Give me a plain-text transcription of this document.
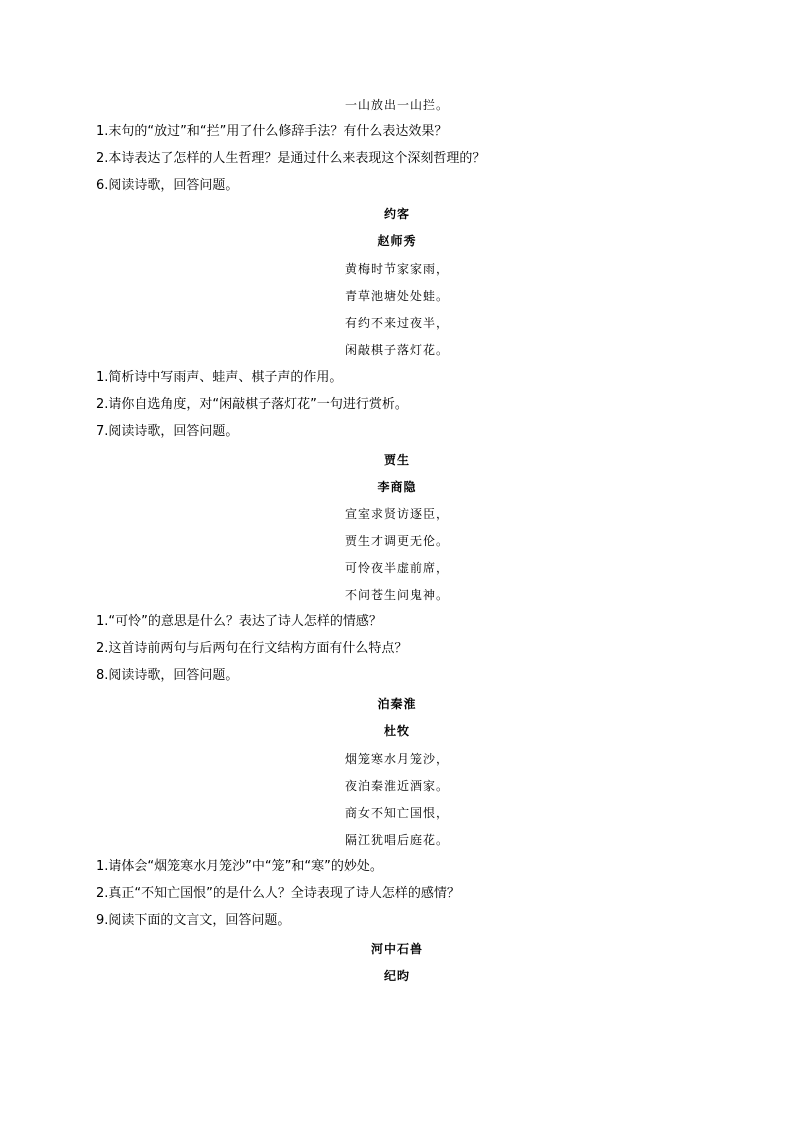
一山放出一山拦。
1.末句的“放过”和“拦”用了什么修辞手法？有什么表达效果？
2.本诗表达了怎样的人生哲理？是通过什么来表现这个深刻哲理的？
6.阅读诗歌，回答问题。
约客
赵师秀
黄梅时节家家雨，
青草池塘处处蛙。
有约不来过夜半，
闲敲棋子落灯花。
1.简析诗中写雨声、蛙声、棋子声的作用。
2.请你自选角度，对“闲敲棋子落灯花”一句进行赏析。
7.阅读诗歌，回答问题。
贾生
李商隐
宣室求贤访逐臣，
贾生才调更无伦。
可怜夜半虚前席，
不问苍生问鬼神。
1.“可怜”的意思是什么？表达了诗人怎样的情感？
2.这首诗前两句与后两句在行文结构方面有什么特点？
8.阅读诗歌，回答问题。
泊秦淮
杜牧
烟笼寒水月笼沙，
夜泊秦淮近酒家。
商女不知亡国恨，
隔江犹唱后庭花。
1.请体会“烟笼寒水月笼沙”中“笼”和“寒”的妙处。
2.真正“不知亡国恨”的是什么人？全诗表现了诗人怎样的感情？
9.阅读下面的文言文，回答问题。
河中石兽
纪昀
